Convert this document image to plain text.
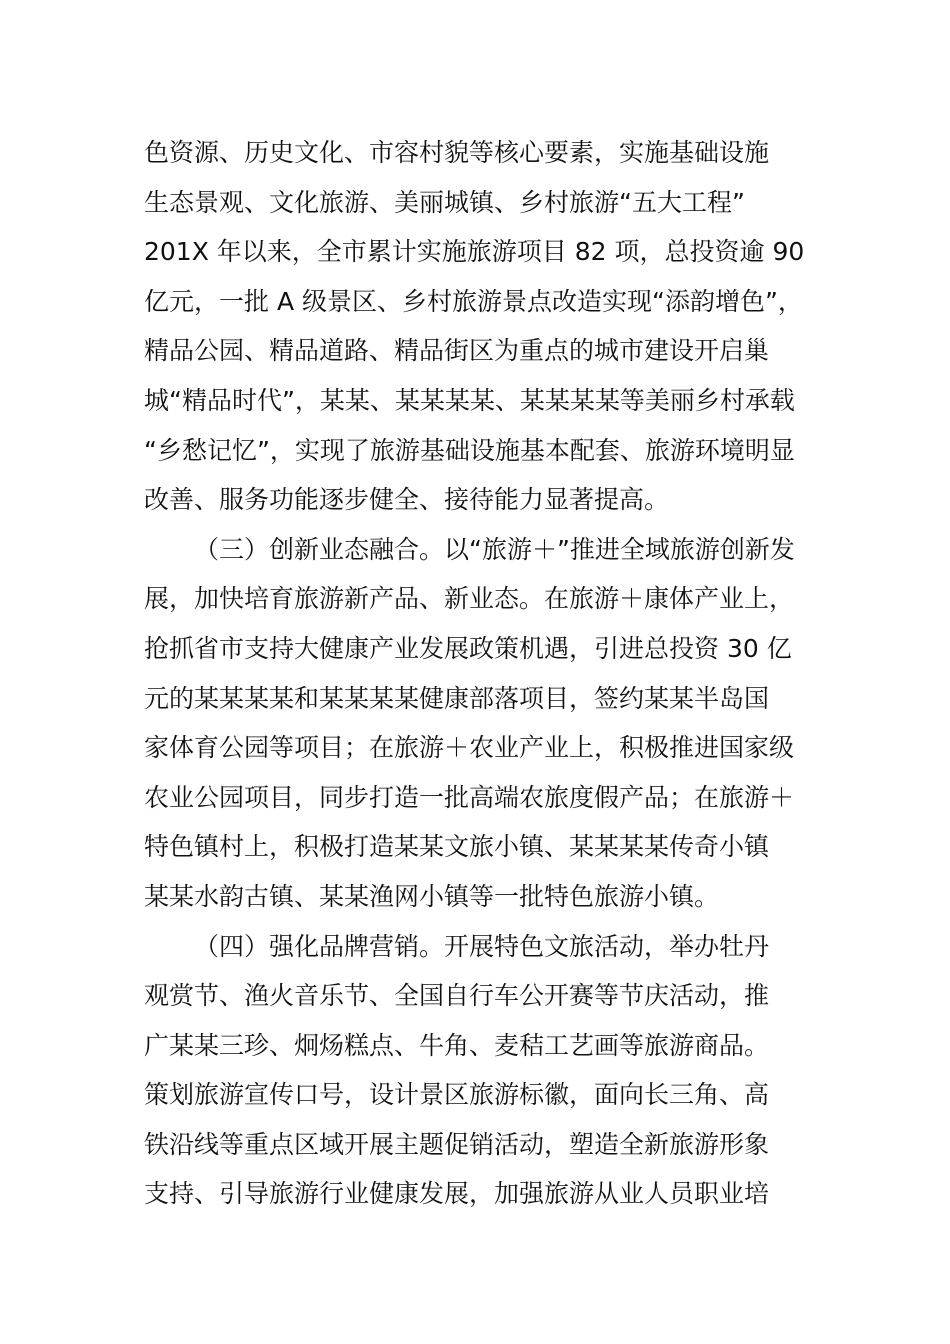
色资源、历史文化、市容村貌等核心要素，实施基础设施
生态景观、文化旅游、美丽城镇、乡村旅游“五大工程”
201X 年以来，全市累计实施旅游项目 82 项，总投资逾 90
亿元，一批 A 级景区、乡村旅游景点改造实现“添韵增色”，
精品公园、精品道路、精品街区为重点的城市建设开启巢
城“精品时代”，某某、某某某某、某某某某等美丽乡村承载
“乡愁记忆”，实现了旅游基础设施基本配套、旅游环境明显
改善、服务功能逐步健全、接待能力显著提高。
（三）创新业态融合。以“旅游＋”推进全域旅游创新发
展，加快培育旅游新产品、新业态。在旅游＋康体产业上，
抢抓省市支持大健康产业发展政策机遇，引进总投资 30 亿
元的某某某某和某某某某健康部落项目，签约某某半岛国
家体育公园等项目；在旅游＋农业产业上，积极推进国家级
农业公园项目，同步打造一批高端农旅度假产品；在旅游＋
特色镇村上，积极打造某某文旅小镇、某某某某传奇小镇
某某水韵古镇、某某渔网小镇等一批特色旅游小镇。
（四）强化品牌营销。开展特色文旅活动，举办牡丹
观赏节、渔火音乐节、全国自行车公开赛等节庆活动，推
广某某三珍、炯炀糕点、牛角、麦秸工艺画等旅游商品。
策划旅游宣传口号，设计景区旅游标徽，面向长三角、高
铁沿线等重点区域开展主题促销活动，塑造全新旅游形象
支持、引导旅游行业健康发展，加强旅游从业人员职业培
